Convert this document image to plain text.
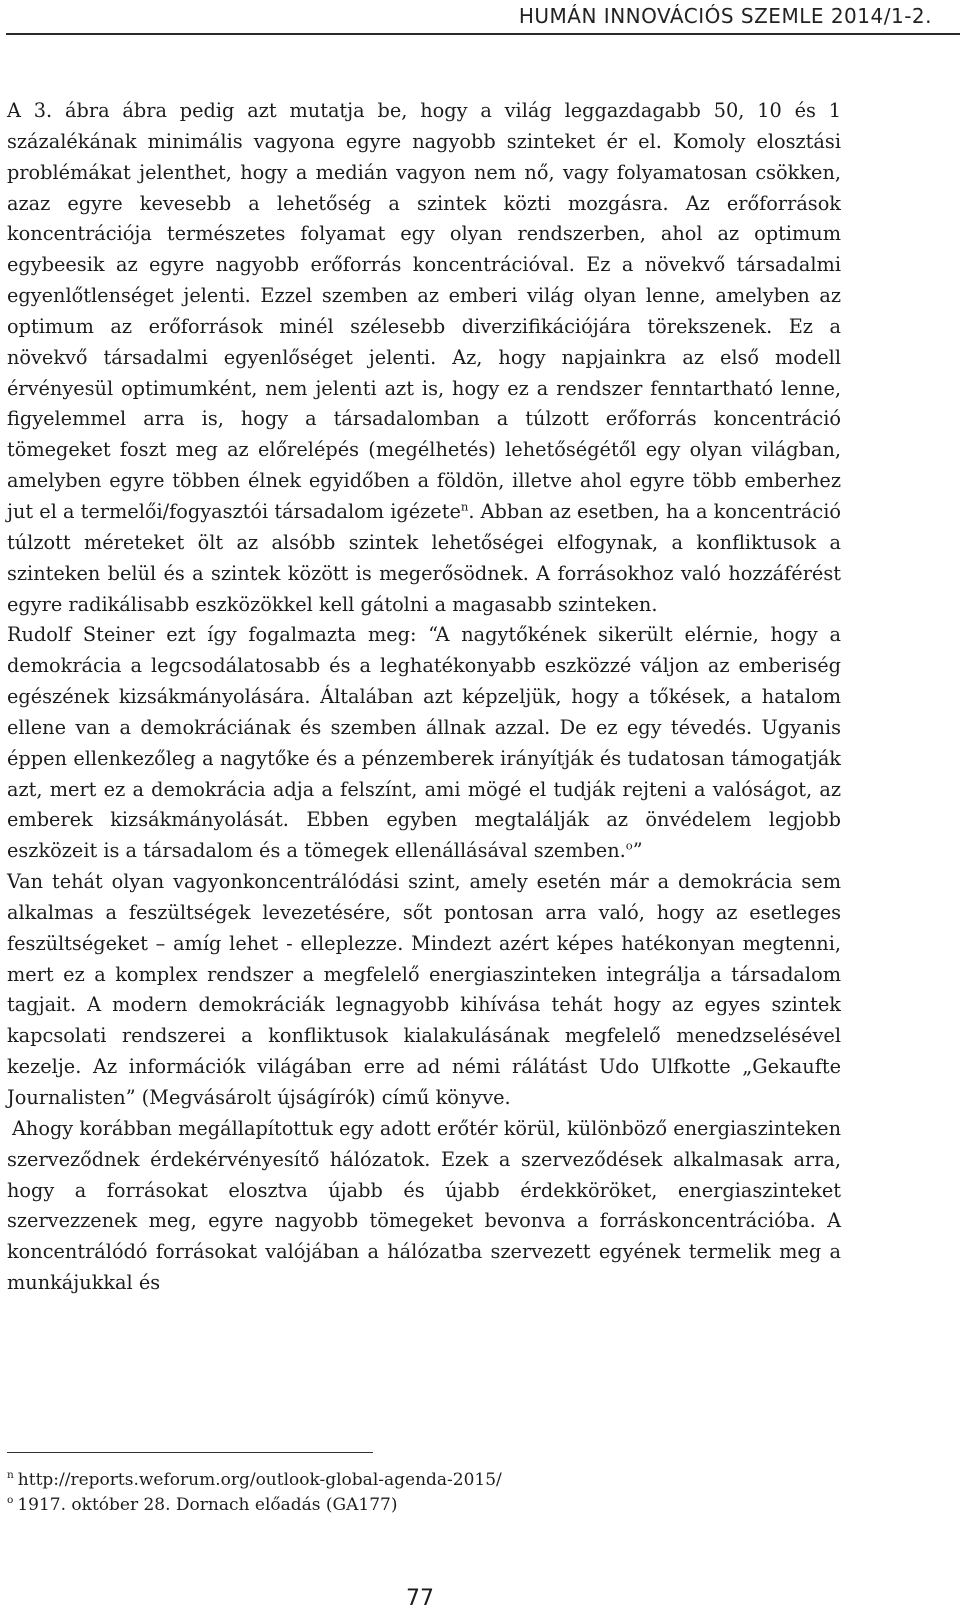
HUMÁN INNOVÁCIÓS SZEMLE 2014/1-2.

A 3. ábra ábra pedig azt mutatja be, hogy a világ leggazdagabb 50, 10 és 1 százalékának minimális vagyona egyre nagyobb szinteket ér el. Komoly elosztási problémákat jelenthet, hogy a medián vagyon nem nő, vagy folyamatosan csökken, azaz egyre kevesebb a lehetőség a szintek közti mozgásra. Az erőforrások koncentrációja természetes folyamat egy olyan rendszerben, ahol az optimum egybeesik az egyre nagyobb erőforrás koncentrációval. Ez a növekvő társadalmi egyenlőtlenséget jelenti. Ezzel szemben az emberi világ olyan lenne, amelyben az optimum az erőforrások minél szélesebb diverzifikációjára törekszenek. Ez a növekvő társadalmi egyenlőséget jelenti. Az, hogy napjainkra az első modell érvényesül optimumként, nem jelenti azt is, hogy ez a rendszer fenntartható lenne, figyelemmel arra is, hogy a társadalomban a túlzott erőforrás koncentráció tömegeket foszt meg az előrelépés (megélhetés) lehetőségétől egy olyan világban, amelyben egyre többen élnek egyidőben a földön, illetve ahol egyre több emberhez jut el a termelői/fogyasztói társadalom igézete$^n$. Abban az esetben, ha a koncentráció túlzott méreteket ölt az alsóbb szintek lehetőségei elfogynak, a konfliktusok a szinteken belül és a szintek között is megerősödnek. A forrásokhoz való hozzáférést egyre radikálisabb eszközökkel kell gátolni a magasabb szinteken.

Rudolf Steiner ezt így fogalmazta meg: “A nagytőkének sikerült elérnie, hogy a demokrácia a legcsodálatosabb és a leghatékonyabb eszközzé váljon az emberiség egészének kizsákmányolására. Általában azt képzeljük, hogy a tőkések, a hatalom ellene van a demokráciának és szemben állnak azzal. De ez egy tévedés. Ugyanis éppen ellenkezőleg a nagytőke és a pénzemberek irányítják és tudatosan támogatják azt, mert ez a demokrácia adja a felszínt, ami mögé el tudják rejteni a valóságot, az emberek kizsákmányolását. Ebben egyben megtalálják az önvédelem legjobb eszközeit is a társadalom és a tömegek ellenállásával szemben.$^o$”

Van tehát olyan vagyonkoncentrálódási szint, amely esetén már a demokrácia sem alkalmas a feszültségek levezetésére, sőt pontosan arra való, hogy az esetleges feszültségeket – amíg lehet - elleplezze. Mindezt azért képes hatékonyan megtenni, mert ez a komplex rendszer a megfelelő energiaszinteken integrálja a társadalom tagjait. A modern demokráciák legnagyobb kihívása tehát hogy az egyes szintek kapcsolati rendszerei a konfliktusok kialakulásának megfelelő menedzselésével kezelje. Az információk világában erre ad némi rálátást Udo Ulfkotte „Gekaufte Journalisten” (Megvásárolt újságírók) című könyve.

Ahogy korábban megállapítottuk egy adott erőtér körül, különböző energiaszinteken szerveződnek érdekérvényesítő hálózatok. Ezek a szerveződések alkalmasak arra, hogy a forrásokat elosztva újabb és újabb érdekköröket, energiaszinteket szervezzenek meg, egyre nagyobb tömegeket bevonva a forráskoncentrációba. A koncentrálódó forrásokat valójában a hálózatba szervezett egyének termelik meg a munkájukkal és

$^n$ http://reports.weforum.org/outlook-global-agenda-2015/
$^o$ 1917. október 28. Dornach előadás (GA177)
77
